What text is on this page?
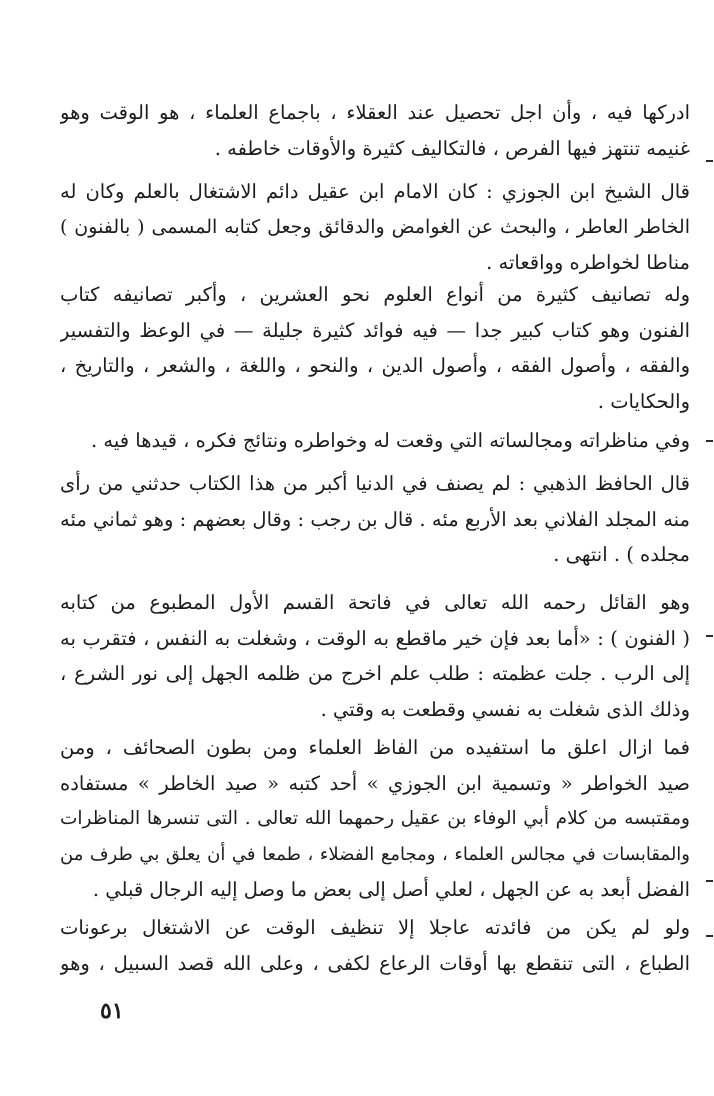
ادركها فيه ، وأن اجل تحصيل عند العقلاء ، باجماع العلماء ، هو الوقت وهو
غنيمه تنتهز فيها الفرص ، فالتكاليف كثيرة والأوقات خاطفه .
قال الشيخ ابن الجوزي : كان الامام ابن عقيل دائم الاشتغال بالعلم وكان له
الخاطر العاطر ، والبحث عن الغوامض والدقائق وجعل كتابه المسمى ( بالفنون )
مناطا لخواطره وواقعاته .
وله تصانيف كثيرة من أنواع العلوم نحو العشرين ، وأكبر تصانيفه كتاب
الفنون وهو كتاب كبير جدا — فيه فوائد كثيرة جليلة — في الوعظ والتفسير
والفقه ، وأصول الفقه ، وأصول الدين ، والنحو ، واللغة ، والشعر ، والتاريخ ،
والحكايات .
وفي مناظراته ومجالساته التي وقعت له وخواطره ونتائج فكره ، قيدها فيه .
قال الحافظ الذهبي : لم يصنف في الدنيا أكبر من هذا الكتاب حدثني من رأى
منه المجلد الفلاني بعد الأربع مئه . قال بن رجب : وقال بعضهم : وهو ثماني مئه
مجلده ) . انتهى .
وهو القائل رحمه الله تعالى في فاتحة القسم الأول المطبوع من كتابه
( الفنون ) : «أما بعد فإن خير ماقطع به الوقت ، وشغلت به النفس ، فتقرب به
إلى الرب . جلت عظمته : طلب علم اخرج من ظلمه الجهل إلى نور الشرع ،
وذلك الذى شغلت به نفسي وقطعت به وقتي .
فما ازال اعلق ما استفيده من الفاظ العلماء ومن بطون الصحائف ، ومن
صيد الخواطر « وتسمية ابن الجوزي » أحد كتبه « صيد الخاطر » مستفاده
ومقتبسه من كلام أبي الوفاء بن عقيل رحمهما الله تعالى . التى تنسرها المناظرات
والمقابسات في مجالس العلماء ، ومجامع الفضلاء ، طمعا في أن يعلق بي طرف من
الفضل أبعد به عن الجهل ، لعلي أصل إلى بعض ما وصل إليه الرجال قبلي .
ولو لم يكن من فائدته عاجلا إلا تنظيف الوقت عن الاشتغال برعونات
الطباع ، التى تنقطع بها أوقات الرعاع لكفى ، وعلى الله قصد السبيل ، وهو
٥١
